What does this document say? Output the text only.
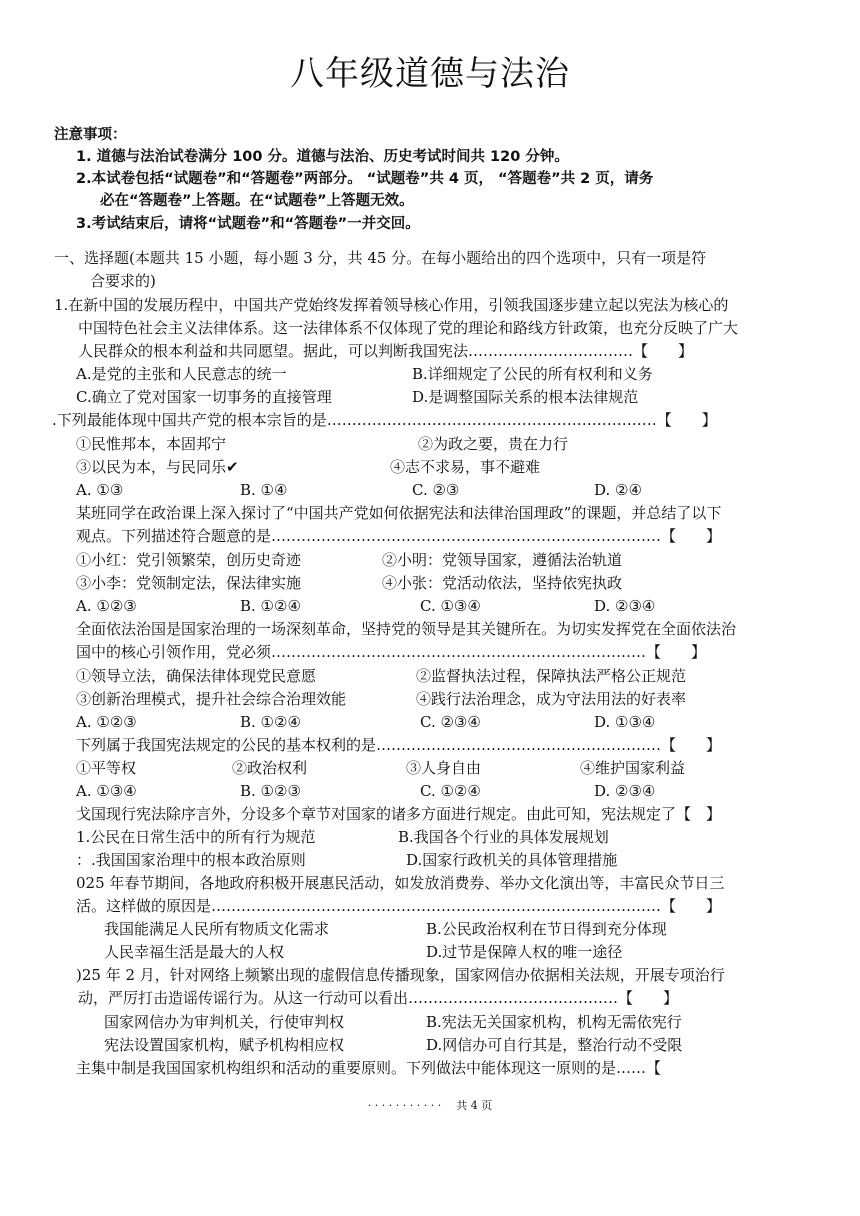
八年级道德与法治
注意事项：
1. 道德与法治试卷满分 100 分。道德与法治、历史考试时间共 120 分钟。
2.本试卷包括“试题卷”和“答题卷”两部分。 “试题卷”共 4 页， “答题卷”共 2 页，请务
必在“答题卷”上答题。在“试题卷”上答题无效。
3.考试结束后，请将“试题卷”和“答题卷”一并交回。
一、选择题(本题共 15 小题，每小题 3 分，共 45 分。在每小题给出的四个选项中，只有一项是符
合要求的)
1.在新中国的发展历程中，中国共产党始终发挥着领导核心作用，引领我国逐步建立起以宪法为核心的
中国特色社会主义法律体系。这一法律体系不仅体现了党的理论和路线方针政策，也充分反映了广大
人民群众的根本利益和共同愿望。据此，可以判断我国宪法……………………………【　　】
A.是党的主张和人民意志的统一	B.详细规定了公民的所有权利和义务
C.确立了党对国家一切事务的直接管理	D.是调整国际关系的根本法律规范
.下列最能体现中国共产党的根本宗旨的是…………………………………………………………【　　】
①民惟邦本，本固邦宁	②为政之要，贵在力行
③以民为本，与民同乐✔	④志不求易，事不避难
A. ①③	B. ①④	C. ②③	D. ②④
某班同学在政治课上深入探讨了“中国共产党如何依据宪法和法律治国理政”的课题，并总结了以下
观点。下列描述符合题意的是……………………………………………………………………【　　】
①小红：党引领繁荣，创历史奇迹	②小明：党领导国家，遵循法治轨道
③小李：党领制定法，保法律实施	④小张：党活动依法，坚持依宪执政
A. ①②③	B. ①②④	C. ①③④	D. ②③④
全面依法治国是国家治理的一场深刻革命，坚持党的领导是其关键所在。为切实发挥党在全面依法治
国中的核心引领作用，党必须…………………………………………………………………【　　】
①领导立法，确保法律体现党民意愿	②监督执法过程，保障执法严格公正规范
③创新治理模式，提升社会综合治理效能	④践行法治理念，成为守法用法的好表率
A. ①②③	B. ①②④	C. ②③④	D. ①③④
下列属于我国宪法规定的公民的基本权利的是…………………………………………………【　　】
①平等权	②政治权利	③人身自由	④维护国家利益
A. ①③④	B. ①②③	C. ①②④	D. ②③④
戈国现行宪法除序言外，分设多个章节对国家的诸多方面进行规定。由此可知，宪法规定了【　】
1.公民在日常生活中的所有行为规范	B.我国各个行业的具体发展规划
：.我国国家治理中的根本政治原则	D.国家行政机关的具体管理措施
025 年春节期间，各地政府积极开展惠民活动，如发放消费券、举办文化演出等，丰富民众节日三
活。这样做的原因是………………………………………………………………………………【　　】
我国能满足人民所有物质文化需求	B.公民政治权利在节日得到充分体现
人民幸福生活是最大的人权	D.过节是保障人权的唯一途径
)25 年 2 月，针对网络上频繁出现的虚假信息传播现象，国家网信办依据相关法规，开展专项治行
动，严厉打击造谣传谣行为。从这一行动可以看出……………………………………【　　】
国家网信办为审判机关，行使审判权	B.宪法无关国家机构，机构无需依宪行
宪法设置国家机构，赋予机构相应权	D.网信办可自行其是，整治行动不受限
主集中制是我国国家机构组织和活动的重要原则。下列做法中能体现这一原则的是……【
· · · · · · · · · · · 共 4 页
